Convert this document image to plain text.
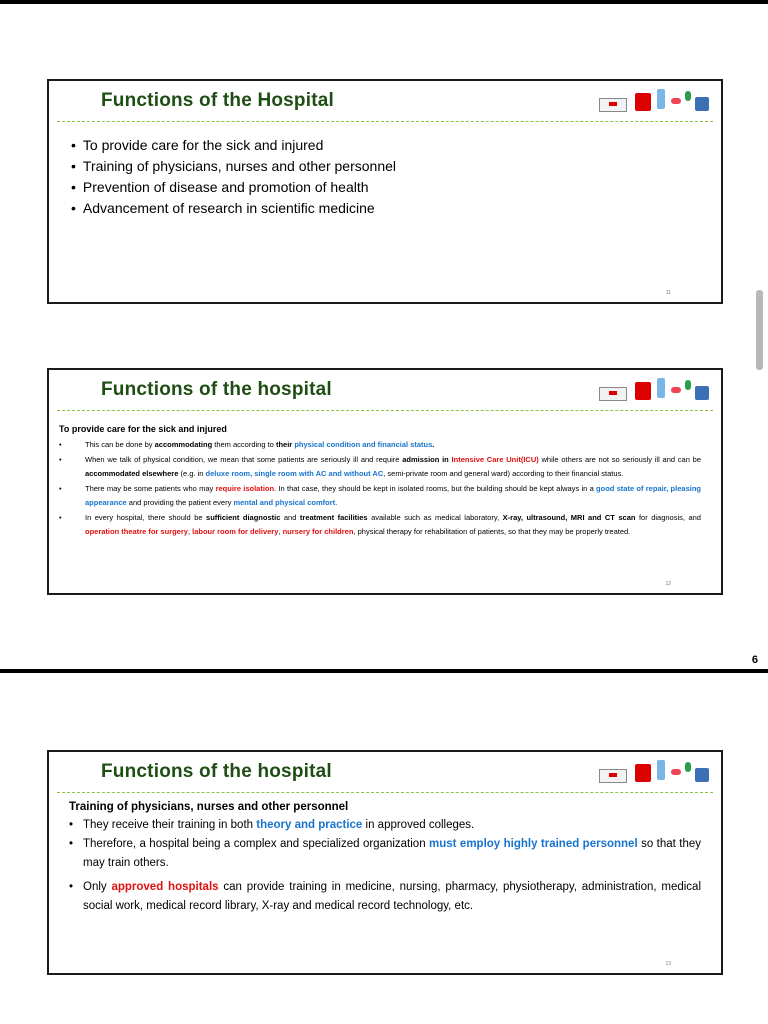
Functions of the Hospital
• To provide care for the sick and injured
• Training of physicians, nurses and other personnel
• Prevention of disease and promotion of health
• Advancement of research in scientific medicine
11
Functions of the hospital
To provide care for the sick and injured
• This can be done by accommodating them according to their physical condition and financial status.
• When we talk of physical condition, we mean that some patients are seriously ill and require admission in Intensive Care Unit(ICU) while others are not so seriously ill and can be accommodated elsewhere (e.g. in deluxe room, single room with AC and without AC, semi-private room and general ward) according to their financial status.
• There may be some patients who may require isolation. In that case, they should be kept in isolated rooms, but the building should be kept always in a good state of repair, pleasing appearance and providing the patient every mental and physical comfort.
• In every hospital, there should be sufficient diagnostic and treatment facilities available such as medical laboratory, X-ray, ultrasound, MRI and CT scan for diagnosis, and operation theatre for surgery, labour room for delivery, nursery for children, physical therapy for rehabilitation of patients, so that they may be properly treated.
12
6
Functions of the hospital
Training of physicians, nurses and other personnel
• They receive their training in both theory and practice in approved colleges.
• Therefore, a hospital being a complex and specialized organization must employ highly trained personnel so that they may train others.
• Only approved hospitals can provide training in medicine, nursing, pharmacy, physiotherapy, administration, medical social work, medical record library, X-ray and medical record technology, etc.
13
